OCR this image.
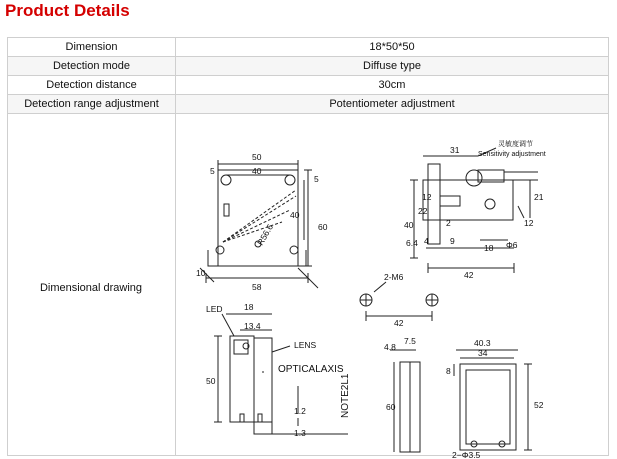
Product Details
Dimension	18*50*50
Detection mode	Diffuse type
Detection distance	30cm
Detection range adjustment	Potentiometer adjustment

Dimensional drawing
50
40
5
5
60
40
R56.6
10
58
31
灵敏度调节
Sensitivity adjustment
40
22
12
2
21
12
6.4 4	9
18 Φ6
42
2-M6
42
LED	18
13.4
LENS
OPTICALAXIS
50
1.2
1.3
NOTE2L1
4.8
7.5
60
40.3
34
8
52
2−Φ3.5
